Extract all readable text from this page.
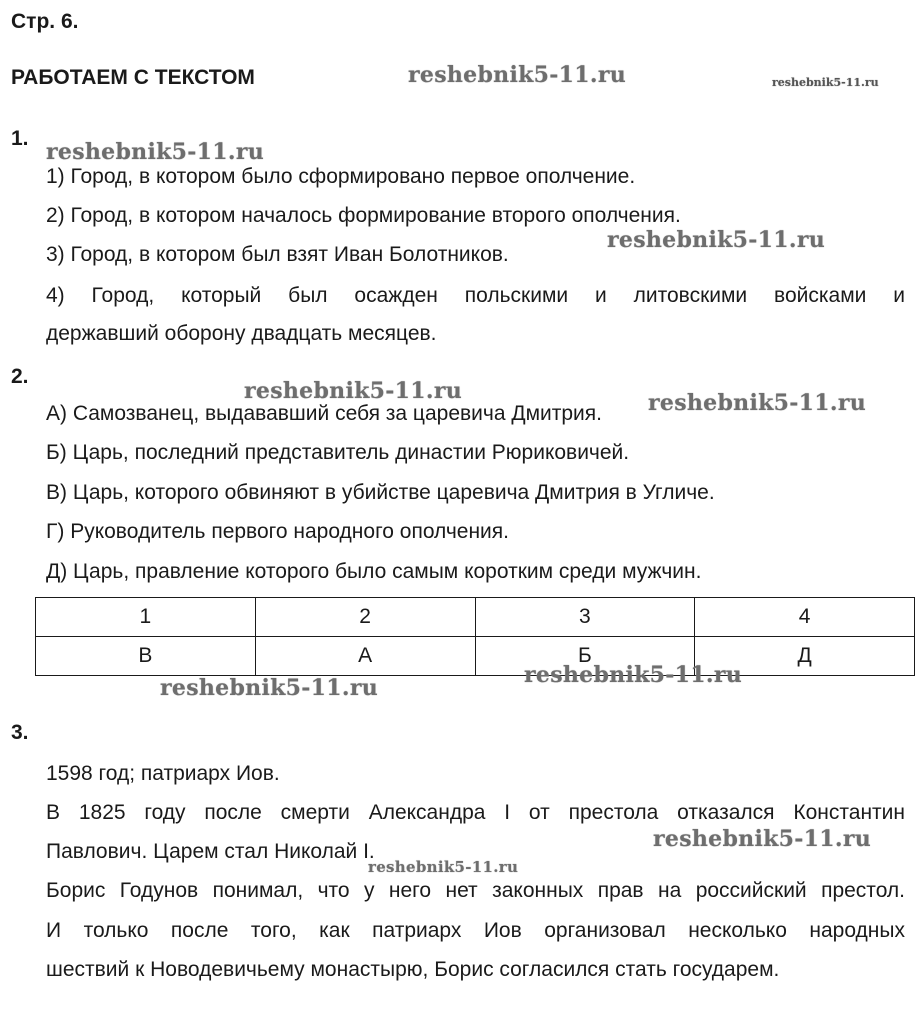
Стр. 6.
РАБОТАЕМ С ТЕКСТОМ
1.
1) Город, в котором было сформировано первое ополчение.
2) Город, в котором началось формирование второго ополчения.
3) Город, в котором был взят Иван Болотников.
4) Город, который был осажден польскими и литовскими войсками и
державший оборону двадцать месяцев.
2.
А) Самозванец, выдававший себя за царевича Дмитрия.
Б) Царь, последний представитель династии Рюриковичей.
В) Царь, которого обвиняют в убийстве царевича Дмитрия в Угличе.
Г) Руководитель первого народного ополчения.
Д) Царь, правление которого было самым коротким среди мужчин.
1	2	3	4
В	А	Б	Д
3.
1598 год; патриарх Иов.
В 1825 году после смерти Александра I от престола отказался Константин
Павлович. Царем стал Николай I.
Борис Годунов понимал, что у него нет законных прав на российский престол.
И только после того, как патриарх Иов организовал несколько народных
шествий к Новодевичьему монастырю, Борис согласился стать государем.
reshebnik5-11.ru	reshebnik5-11.ru
reshebnik5-11.ru
reshebnik5-11.ru
reshebnik5-11.ru	reshebnik5-11.ru
reshebnik5-11.ru
reshebnik5-11.ru
reshebnik5-11.ru
reshebnik5-11.ru
